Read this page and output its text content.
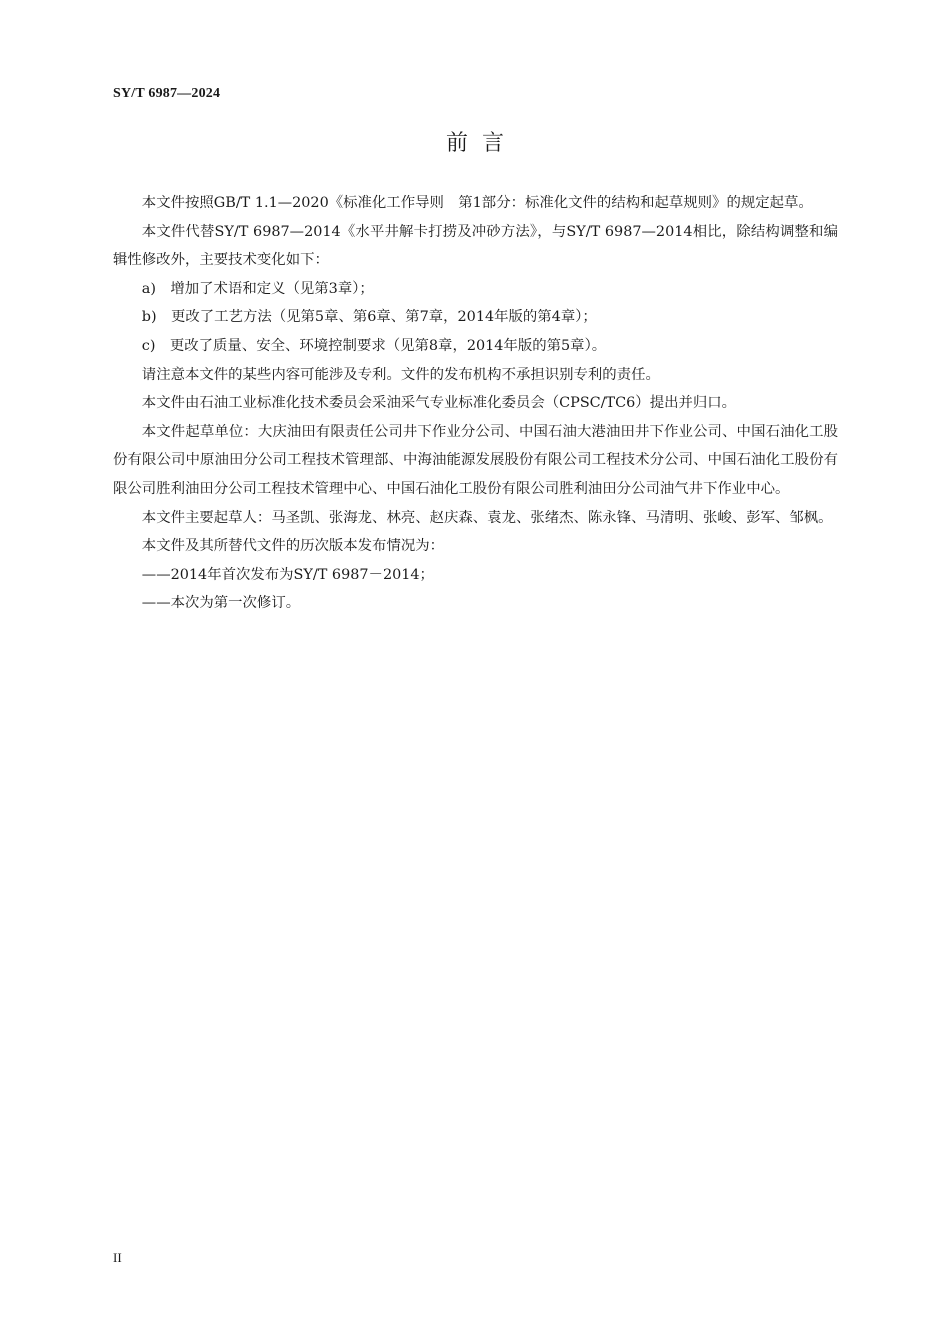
SY/T 6987—2024
前言

本文件按照GB/T 1.1—2020《标准化工作导则　第1部分：标准化文件的结构和起草规则》的规定起草。

本文件代替SY/T 6987—2014《水平井解卡打捞及冲砂方法》，与SY/T 6987—2014相比，除结构调整和编辑性修改外，主要技术变化如下：

a)　增加了术语和定义（见第3章）；

b)　更改了工艺方法（见第5章、第6章、第7章，2014年版的第4章）；

c)　更改了质量、安全、环境控制要求（见第8章，2014年版的第5章）。

请注意本文件的某些内容可能涉及专利。文件的发布机构不承担识别专利的责任。

本文件由石油工业标准化技术委员会采油采气专业标准化委员会（CPSC/TC6）提出并归口。

本文件起草单位：大庆油田有限责任公司井下作业分公司、中国石油大港油田井下作业公司、中国石油化工股份有限公司中原油田分公司工程技术管理部、中海油能源发展股份有限公司工程技术分公司、中国石油化工股份有限公司胜利油田分公司工程技术管理中心、中国石油化工股份有限公司胜利油田分公司油气井下作业中心。

本文件主要起草人：马圣凯、张海龙、林亮、赵庆森、袁龙、张绪杰、陈永锋、马清明、张峻、彭军、邹枫。

本文件及其所替代文件的历次版本发布情况为：

——2014年首次发布为SY/T 6987－2014；

——本次为第一次修订。

II
